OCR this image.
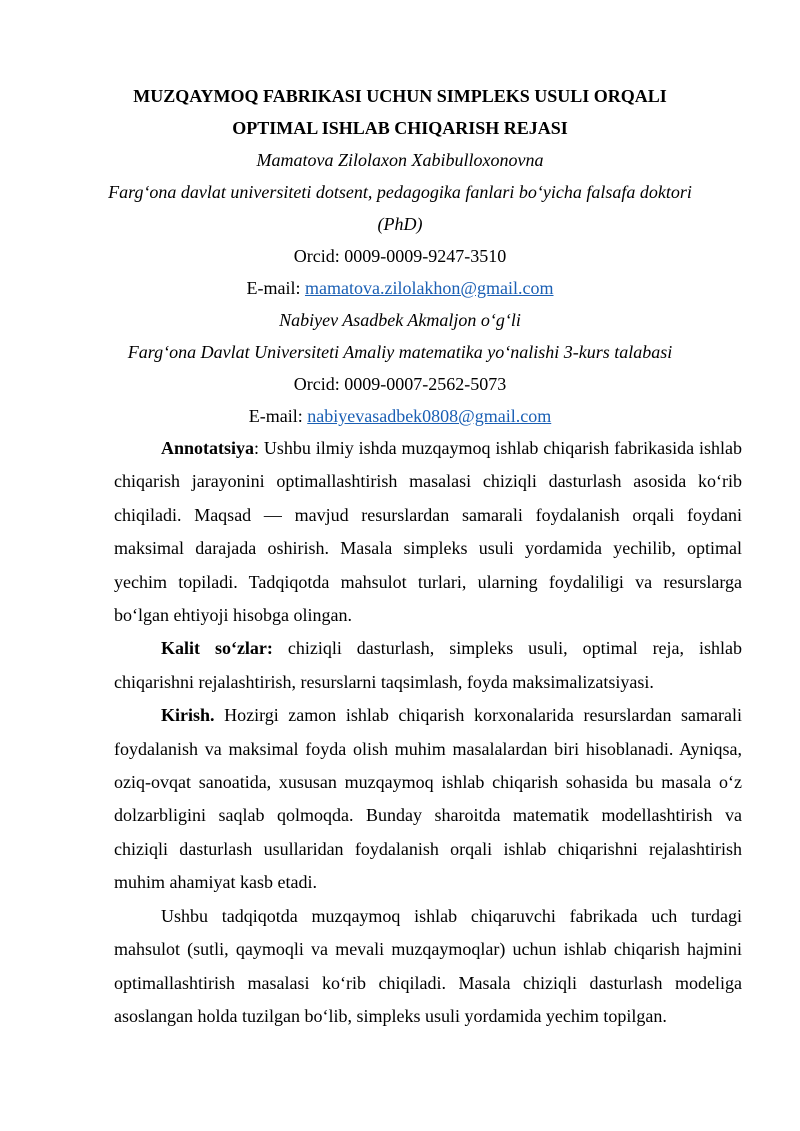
MUZQAYMOQ FABRIKASI UCHUN SIMPLEKS USULI ORQALI
OPTIMAL ISHLAB CHIQARISH REJASI
Mamatova Zilolaxon Xabibulloxonovna
Farg‘ona davlat universiteti dotsent, pedagogika fanlari bo‘yicha falsafa doktori
(PhD)
Orcid: 0009-0009-9247-3510
E-mail: mamatova.zilolakhon@gmail.com
Nabiyev Asadbek Akmaljon o‘g‘li
Farg‘ona Davlat Universiteti Amaliy matematika yo‘nalishi 3-kurs talabasi
Orcid: 0009-0007-2562-5073
E-mail: nabiyevasadbek0808@gmail.com

Annotatsiya: Ushbu ilmiy ishda muzqaymoq ishlab chiqarish fabrikasida ishlab chiqarish jarayonini optimallashtirish masalasi chiziqli dasturlash asosida ko‘rib chiqiladi. Maqsad — mavjud resurslardan samarali foydalanish orqali foydani maksimal darajada oshirish. Masala simpleks usuli yordamida yechilib, optimal yechim topiladi. Tadqiqotda mahsulot turlari, ularning foydaliligi va resurslarga bo‘lgan ehtiyoji hisobga olingan.

Kalit so‘zlar: chiziqli dasturlash, simpleks usuli, optimal reja, ishlab chiqarishni rejalashtirish, resurslarni taqsimlash, foyda maksimalizatsiyasi.

Kirish. Hozirgi zamon ishlab chiqarish korxonalarida resurslardan samarali foydalanish va maksimal foyda olish muhim masalalardan biri hisoblanadi. Ayniqsa, oziq-ovqat sanoatida, xususan muzqaymoq ishlab chiqarish sohasida bu masala o‘z dolzarbligini saqlab qolmoqda. Bunday sharoitda matematik modellashtirish va chiziqli dasturlash usullaridan foydalanish orqali ishlab chiqarishni rejalashtirish muhim ahamiyat kasb etadi.

Ushbu tadqiqotda muzqaymoq ishlab chiqaruvchi fabrikada uch turdagi mahsulot (sutli, qaymoqli va mevali muzqaymoqlar) uchun ishlab chiqarish hajmini optimallashtirish masalasi ko‘rib chiqiladi. Masala chiziqli dasturlash modeliga asoslangan holda tuzilgan bo‘lib, simpleks usuli yordamida yechim topilgan.
